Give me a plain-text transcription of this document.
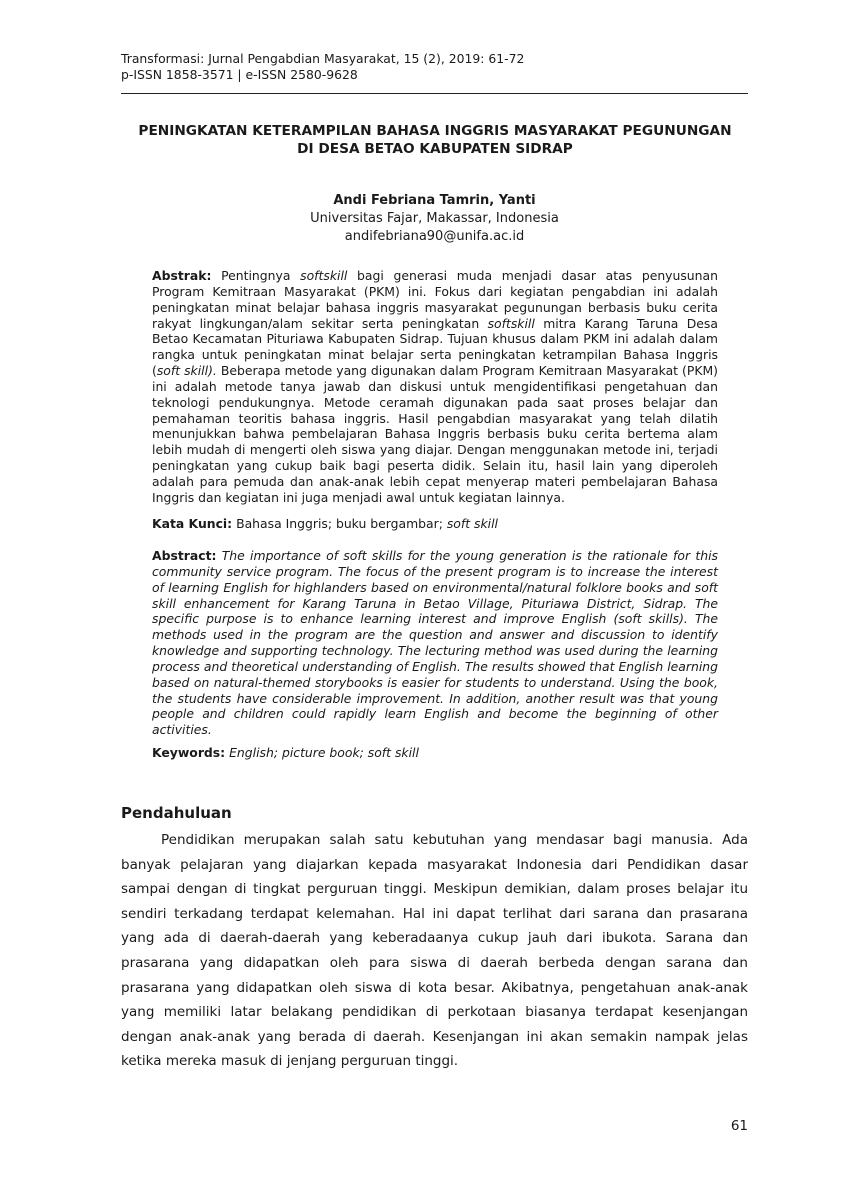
Transformasi: Jurnal Pengabdian Masyarakat, 15 (2), 2019: 61-72
p-ISSN 1858-3571 | e-ISSN 2580-9628
PENINGKATAN KETERAMPILAN BAHASA INGGRIS MASYARAKAT PEGUNUNGAN
DI DESA BETAO KABUPATEN SIDRAP
Andi Febriana Tamrin, Yanti
Universitas Fajar, Makassar, Indonesia
andifebriana90@unifa.ac.id
Abstrak: Pentingnya softskill bagi generasi muda menjadi dasar atas penyusunan Program Kemitraan Masyarakat (PKM) ini. Fokus dari kegiatan pengabdian ini adalah peningkatan minat belajar bahasa inggris masyarakat pegunungan berbasis buku cerita rakyat lingkungan/alam sekitar serta peningkatan softskill mitra Karang Taruna Desa Betao Kecamatan Pituriawa Kabupaten Sidrap. Tujuan khusus dalam PKM ini adalah dalam rangka untuk peningkatan minat belajar serta peningkatan ketrampilan Bahasa Inggris (soft skill). Beberapa metode yang digunakan dalam Program Kemitraan Masyarakat (PKM) ini adalah metode tanya jawab dan diskusi untuk mengidentifikasi pengetahuan dan teknologi pendukungnya. Metode ceramah digunakan pada saat proses belajar dan pemahaman teoritis bahasa inggris. Hasil pengabdian masyarakat yang telah dilatih menunjukkan bahwa pembelajaran Bahasa Inggris berbasis buku cerita bertema alam lebih mudah di mengerti oleh siswa yang diajar. Dengan menggunakan metode ini, terjadi peningkatan yang cukup baik bagi peserta didik. Selain itu, hasil lain yang diperoleh adalah para pemuda dan anak-anak lebih cepat menyerap materi pembelajaran Bahasa Inggris dan kegiatan ini juga menjadi awal untuk kegiatan lainnya.
Kata Kunci: Bahasa Inggris; buku bergambar; soft skill
Abstract: The importance of soft skills for the young generation is the rationale for this community service program. The focus of the present program is to increase the interest of learning English for highlanders based on environmental/natural folklore books and soft skill enhancement for Karang Taruna in Betao Village, Pituriawa District, Sidrap. The specific purpose is to enhance learning interest and improve English (soft skills). The methods used in the program are the question and answer and discussion to identify knowledge and supporting technology. The lecturing method was used during the learning process and theoretical understanding of English. The results showed that English learning based on natural-themed storybooks is easier for students to understand. Using the book, the students have considerable improvement. In addition, another result was that young people and children could rapidly learn English and become the beginning of other activities.
Keywords: English; picture book; soft skill
Pendahuluan
Pendidikan merupakan salah satu kebutuhan yang mendasar bagi manusia. Ada banyak pelajaran yang diajarkan kepada masyarakat Indonesia dari Pendidikan dasar sampai dengan di tingkat perguruan tinggi. Meskipun demikian, dalam proses belajar itu sendiri terkadang terdapat kelemahan. Hal ini dapat terlihat dari sarana dan prasarana yang ada di daerah-daerah yang keberadaanya cukup jauh dari ibukota. Sarana dan prasarana yang didapatkan oleh para siswa di daerah berbeda dengan sarana dan prasarana yang didapatkan oleh siswa di kota besar. Akibatnya, pengetahuan anak-anak yang memiliki latar belakang pendidikan di perkotaan biasanya terdapat kesenjangan dengan anak-anak yang berada di daerah. Kesenjangan ini akan semakin nampak jelas ketika mereka masuk di jenjang perguruan tinggi.
61
